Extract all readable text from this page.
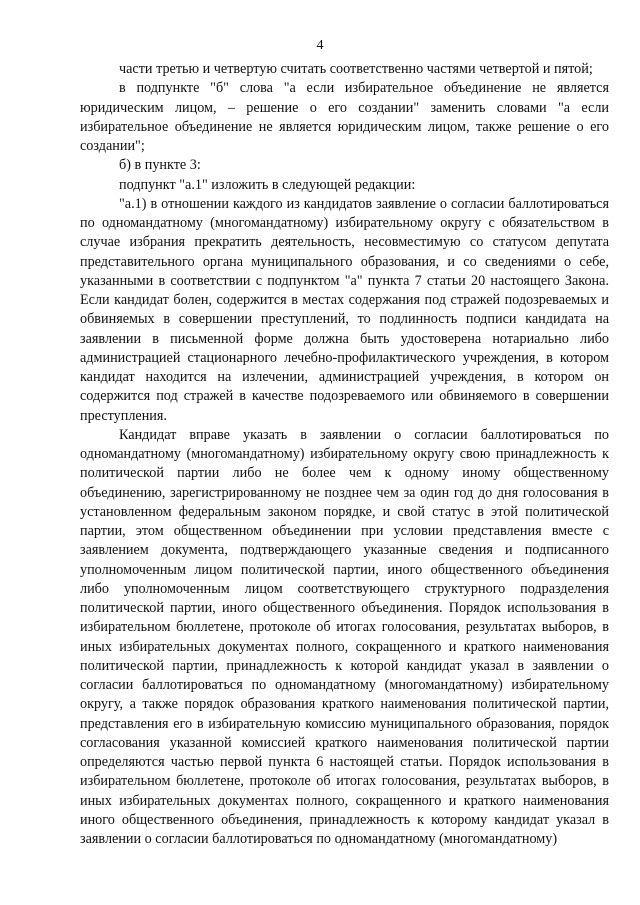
4

части третью и четвертую считать соответственно частями четвертой и пятой;

в подпункте "б" слова "а если избирательное объединение не является юридическим лицом, – решение о его создании" заменить словами "а если избирательное объединение не является юридическим лицом, также решение о его создании";

б) в пункте 3:

подпункт "а.1" изложить в следующей редакции:

"а.1) в отношении каждого из кандидатов заявление о согласии баллотироваться по одномандатному (многомандатному) избирательному округу с обязательством в случае избрания прекратить деятельность, несовместимую со статусом депутата представительного органа муниципального образования, и со сведениями о себе, указанными в соответствии с подпунктом "а" пункта 7 статьи 20 настоящего Закона. Если кандидат болен, содержится в местах содержания под стражей подозреваемых и обвиняемых в совершении преступлений, то подлинность подписи кандидата на заявлении в письменной форме должна быть удостоверена нотариально либо администрацией стационарного лечебно-профилактического учреждения, в котором кандидат находится на излечении, администрацией учреждения, в котором он содержится под стражей в качестве подозреваемого или обвиняемого в совершении преступления.

Кандидат вправе указать в заявлении о согласии баллотироваться по одномандатному (многомандатному) избирательному округу свою принадлежность к политической партии либо не более чем к одному иному общественному объединению, зарегистрированному не позднее чем за один год до дня голосования в установленном федеральным законом порядке, и свой статус в этой политической партии, этом общественном объединении при условии представления вместе с заявлением документа, подтверждающего указанные сведения и подписанного уполномоченным лицом политической партии, иного общественного объединения либо уполномоченным лицом соответствующего структурного подразделения политической партии, иного общественного объединения. Порядок использования в избирательном бюллетене, протоколе об итогах голосования, результатах выборов, в иных избирательных документах полного, сокращенного и краткого наименования политической партии, принадлежность к которой кандидат указал в заявлении о согласии баллотироваться по одномандатному (многомандатному) избирательному округу, а также порядок образования краткого наименования политической партии, представления его в избирательную комиссию муниципального образования, порядок согласования указанной комиссией краткого наименования политической партии определяются частью первой пункта 6 настоящей статьи. Порядок использования в избирательном бюллетене, протоколе об итогах голосования, результатах выборов, в иных избирательных документах полного, сокращенного и краткого наименования иного общественного объединения, принадлежность к которому кандидат указал в заявлении о согласии баллотироваться по одномандатному (многомандатному)
